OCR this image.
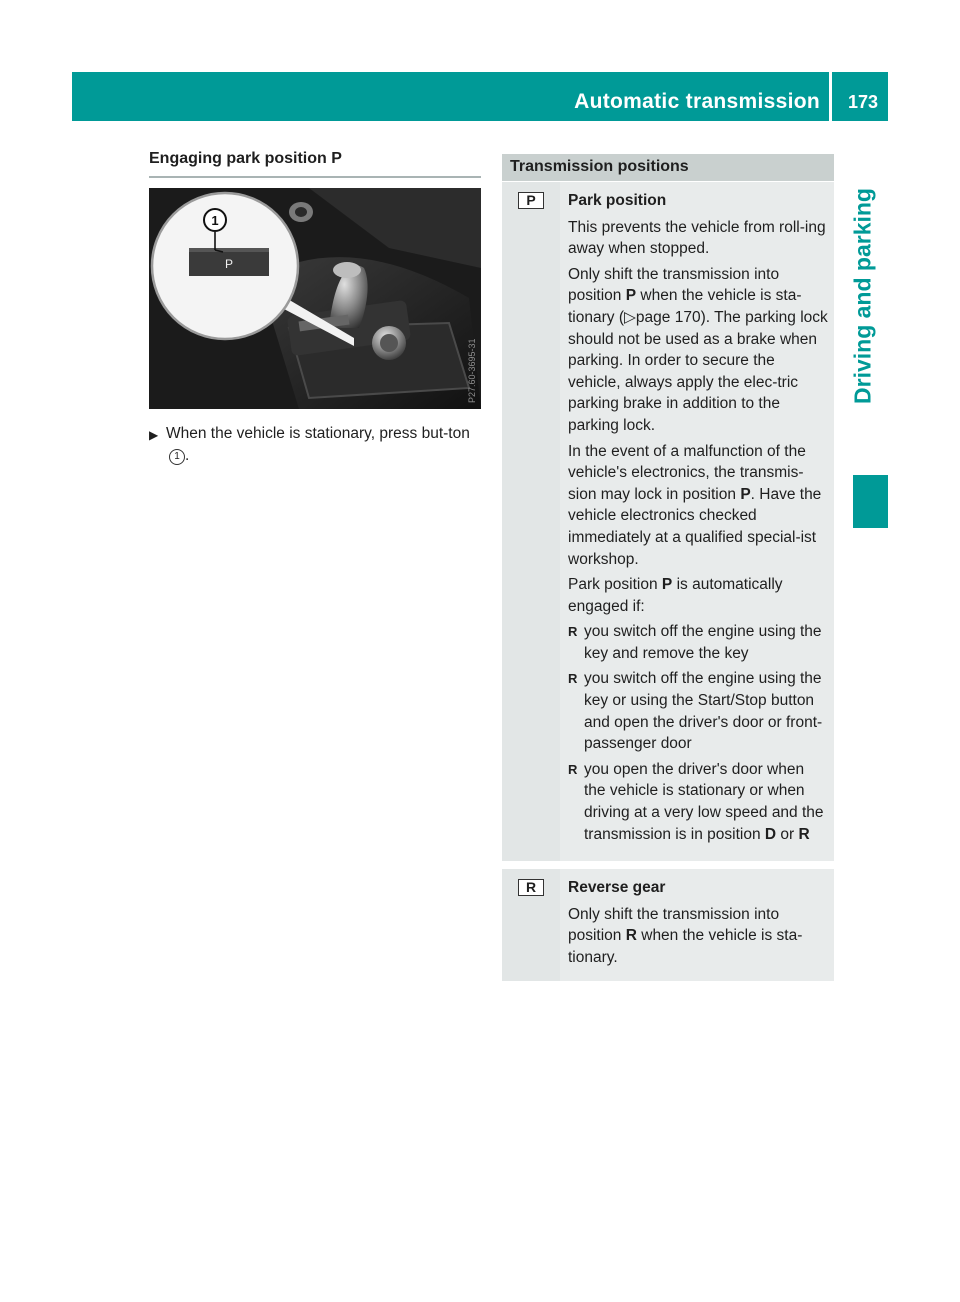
Automatic transmission 173
Driving and parking
Engaging park position P
P
1
P27.60-3695-31
▶ When the vehicle is stationary, press but-ton 1 .
Transmission positions
P	Park position

This prevents the vehicle from roll-ing away when stopped.

Only shift the transmission into position P when the vehicle is sta-tionary (▷page 170). The parking lock should not be used as a brake when parking. In order to secure the vehicle, always apply the elec-tric parking brake in addition to the parking lock.

In the event of a malfunction of the vehicle's electronics, the transmis-sion may lock in position P. Have the vehicle electronics checked immediately at a qualified special-ist workshop.

Park position P is automatically engaged if:

R you switch off the engine using the key and remove the key
R you switch off the engine using the key or using the Start/Stop button and open the driver's door or front-passenger door
R you open the driver's door when the vehicle is stationary or when driving at a very low speed and the transmission is in position D or R
R	Reverse gear

Only shift the transmission into position R when the vehicle is sta-tionary.
